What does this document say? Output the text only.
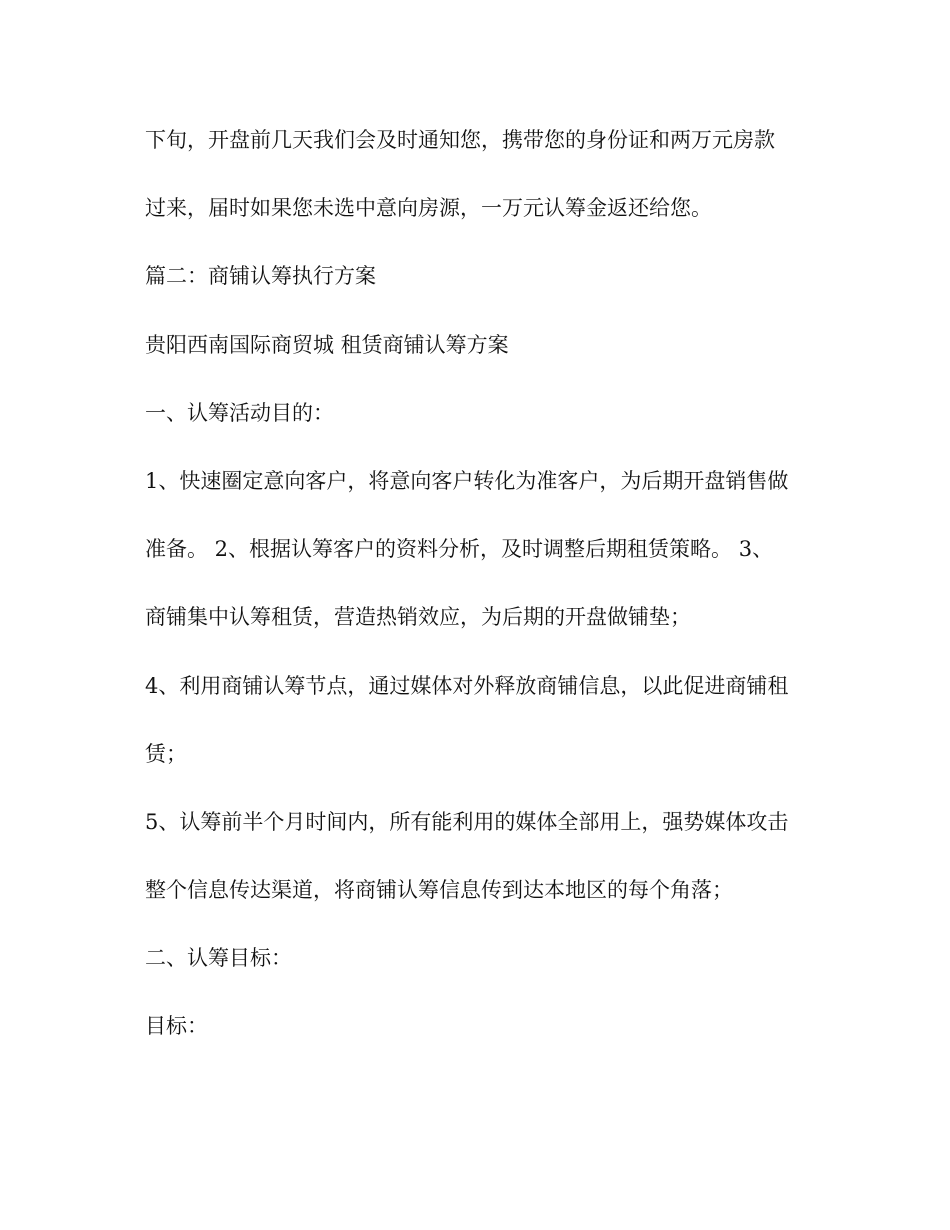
下旬，开盘前几天我们会及时通知您，携带您的身份证和两万元房款
过来，届时如果您未选中意向房源，一万元认筹金返还给您。
篇二：商铺认筹执行方案
贵阳西南国际商贸城 租赁商铺认筹方案
一、认筹活动目的：
1、快速圈定意向客户，将意向客户转化为准客户，为后期开盘销售做
准备。 2、根据认筹客户的资料分析，及时调整后期租赁策略。 3、
商铺集中认筹租赁，营造热销效应，为后期的开盘做铺垫；
4、利用商铺认筹节点，通过媒体对外释放商铺信息，以此促进商铺租
赁；
5、认筹前半个月时间内，所有能利用的媒体全部用上，强势媒体攻击
整个信息传达渠道，将商铺认筹信息传到达本地区的每个角落；
二、认筹目标：
目标：
